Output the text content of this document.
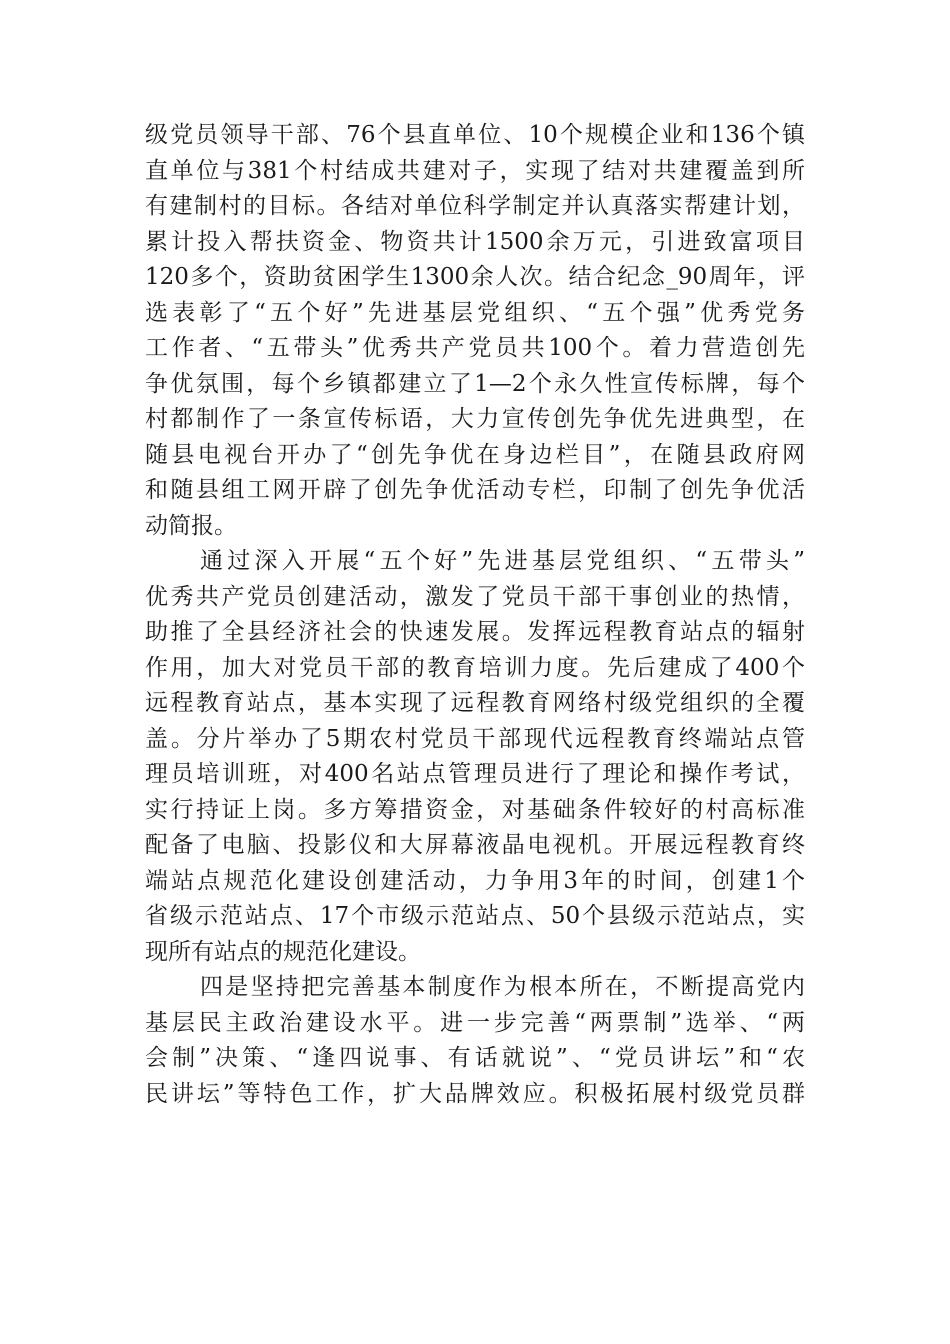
级党员领导干部、76个县直单位、10个规模企业和136个镇
直单位与381个村结成共建对子，实现了结对共建覆盖到所
有建制村的目标。各结对单位科学制定并认真落实帮建计划，
累计投入帮扶资金、物资共计1500余万元，引进致富项目
120多个，资助贫困学生1300余人次。结合纪念_90周年，评
选表彰了“五个好”先进基层党组织、“五个强”优秀党务
工作者、“五带头”优秀共产党员共100个。着力营造创先
争优氛围，每个乡镇都建立了1—2个永久性宣传标牌，每个
村都制作了一条宣传标语，大力宣传创先争优先进典型，在
随县电视台开办了“创先争优在身边栏目”，在随县政府网
和随县组工网开辟了创先争优活动专栏，印制了创先争优活
动简报。
通过深入开展“五个好”先进基层党组织、“五带头”
优秀共产党员创建活动，激发了党员干部干事创业的热情，
助推了全县经济社会的快速发展。发挥远程教育站点的辐射
作用，加大对党员干部的教育培训力度。先后建成了400个
远程教育站点，基本实现了远程教育网络村级党组织的全覆
盖。分片举办了5期农村党员干部现代远程教育终端站点管
理员培训班，对400名站点管理员进行了理论和操作考试，
实行持证上岗。多方筹措资金，对基础条件较好的村高标准
配备了电脑、投影仪和大屏幕液晶电视机。开展远程教育终
端站点规范化建设创建活动，力争用3年的时间，创建1个
省级示范站点、17个市级示范站点、50个县级示范站点，实
现所有站点的规范化建设。
四是坚持把完善基本制度作为根本所在，不断提高党内
基层民主政治建设水平。进一步完善“两票制”选举、“两
会制”决策、“逢四说事、有话就说”、“党员讲坛”和“农
民讲坛”等特色工作，扩大品牌效应。积极拓展村级党员群
